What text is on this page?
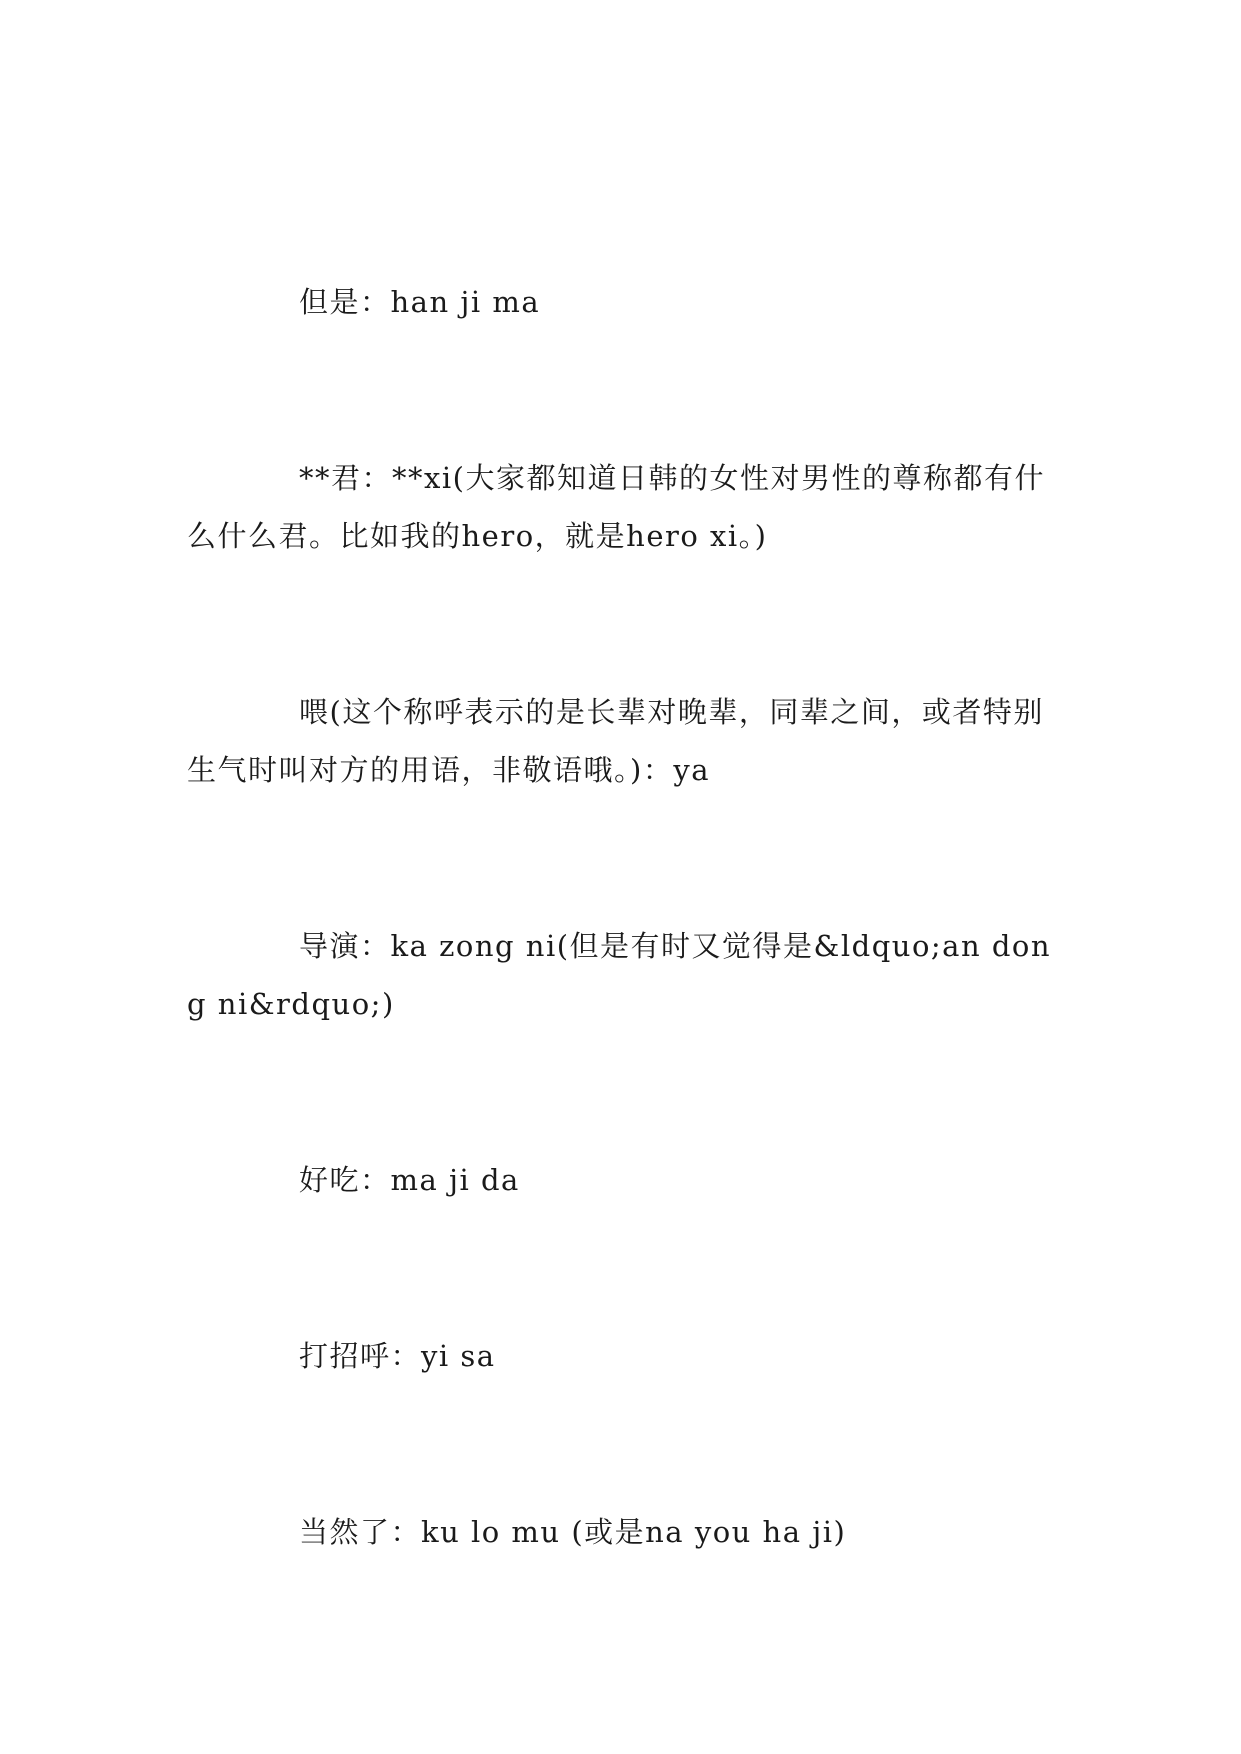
但是：han ji ma

**君：**xi(大家都知道日韩的女性对男性的尊称都有什么什么君。比如我的hero，就是hero xi。)

喂(这个称呼表示的是长辈对晚辈，同辈之间，或者特别生气时叫对方的用语，非敬语哦。)：ya

导演：ka zong ni(但是有时又觉得是&ldquo;an dong ni&rdquo;)

好吃：ma ji da

打招呼：yi sa

当然了：ku lo mu (或是na you ha ji)
